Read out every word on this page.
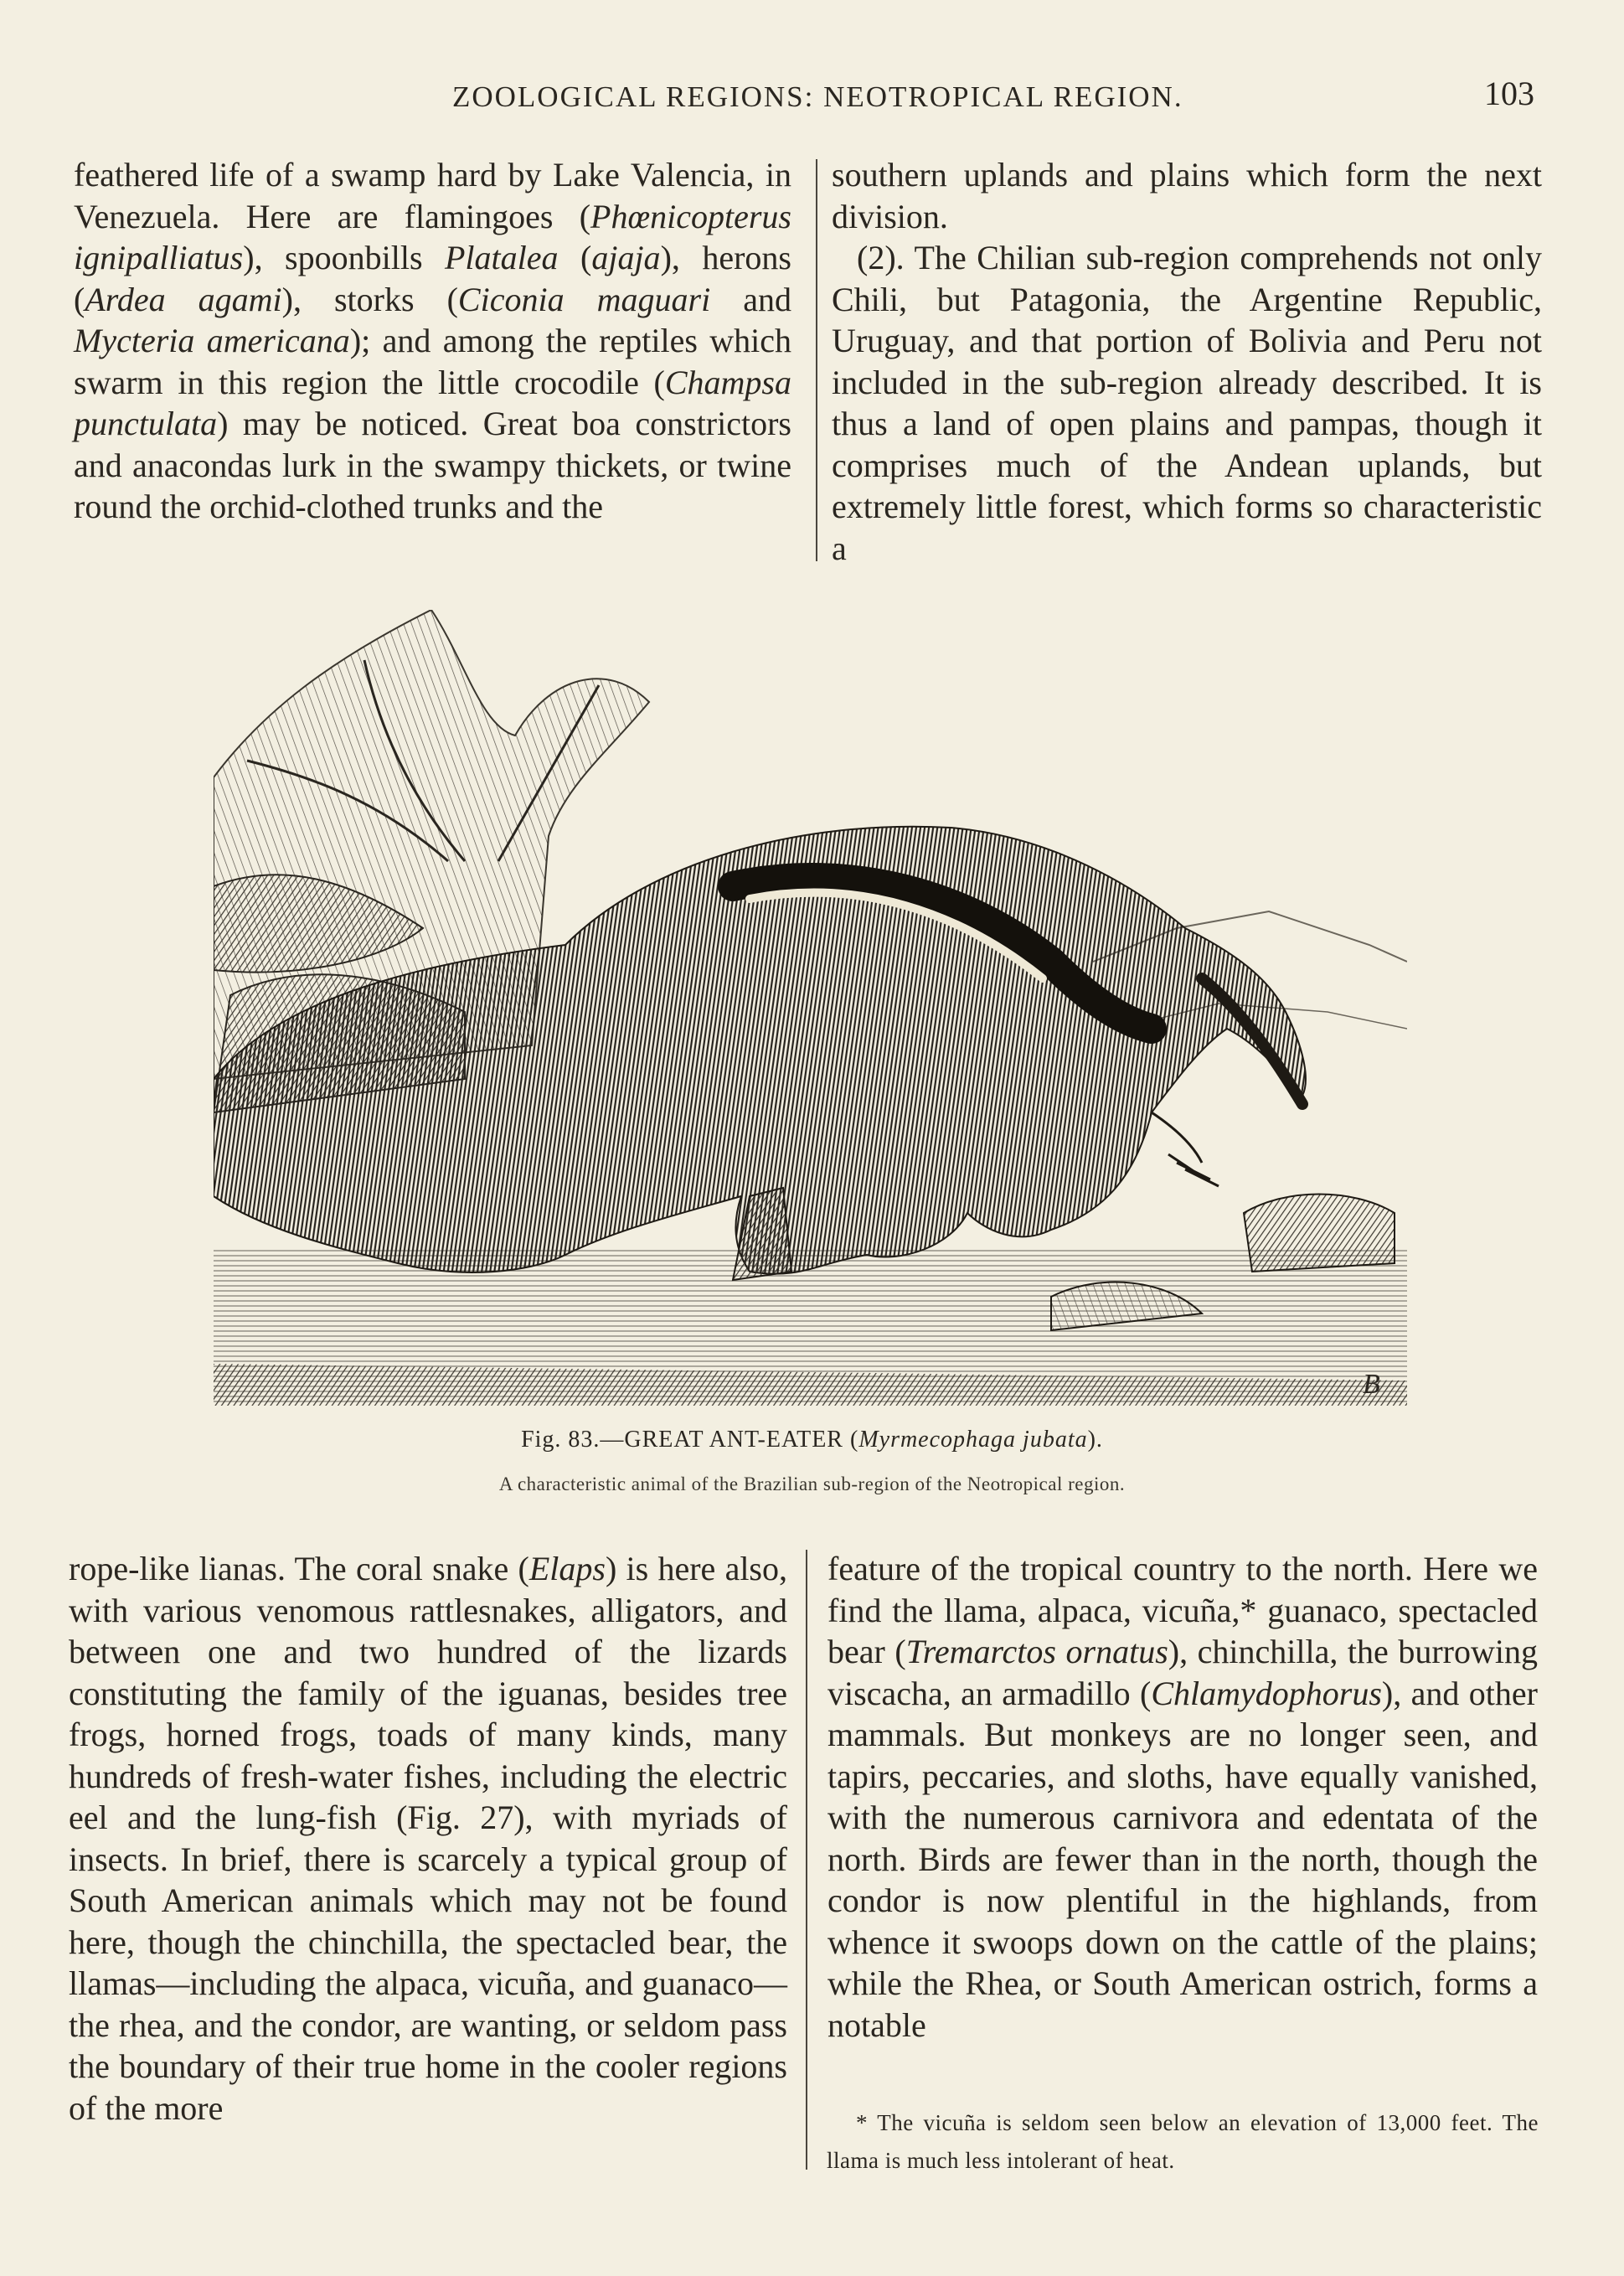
ZOOLOGICAL REGIONS: NEOTROPICAL REGION.	103

feathered life of a swamp hard by Lake Valencia, in Venezuela. Here are flamingoes (Phœnicopterus ignipalliatus), spoonbills Platalea (ajaja), herons (Ardea agami), storks (Ciconia maguari and Mycteria americana); and among the reptiles which swarm in this region the little crocodile (Champsa punctulata) may be noticed. Great boa constrictors and anacondas lurk in the swampy thickets, or twine round the orchid-clothed trunks and the

southern uplands and plains which form the next division.

(2). The Chilian sub-region comprehends not only Chili, but Patagonia, the Argentine Republic, Uruguay, and that portion of Bolivia and Peru not included in the sub-region already described. It is thus a land of open plains and pampas, though it comprises much of the Andean uplands, but extremely little forest, which forms so characteristic a

B
Fig. 83.—GREAT ANT-EATER (Myrmecophaga jubata).
A characteristic animal of the Brazilian sub-region of the Neotropical region.

rope-like lianas. The coral snake (Elaps) is here also, with various venomous rattlesnakes, alligators, and between one and two hundred of the lizards constituting the family of the iguanas, besides tree frogs, horned frogs, toads of many kinds, many hundreds of fresh-water fishes, including the electric eel and the lung-fish (Fig. 27), with myriads of insects. In brief, there is scarcely a typical group of South American animals which may not be found here, though the chinchilla, the spectacled bear, the llamas—including the alpaca, vicuña, and guanaco—the rhea, and the condor, are wanting, or seldom pass the boundary of their true home in the cooler regions of the more

feature of the tropical country to the north. Here we find the llama, alpaca, vicuña,* guanaco, spectacled bear (Tremarctos ornatus), chinchilla, the burrowing viscacha, an armadillo (Chlamydophorus), and other mammals. But monkeys are no longer seen, and tapirs, peccaries, and sloths, have equally vanished, with the numerous carnivora and edentata of the north. Birds are fewer than in the north, though the condor is now plentiful in the highlands, from whence it swoops down on the cattle of the plains; while the Rhea, or South American ostrich, forms a notable

* The vicuña is seldom seen below an elevation of 13,000 feet. The llama is much less intolerant of heat.
